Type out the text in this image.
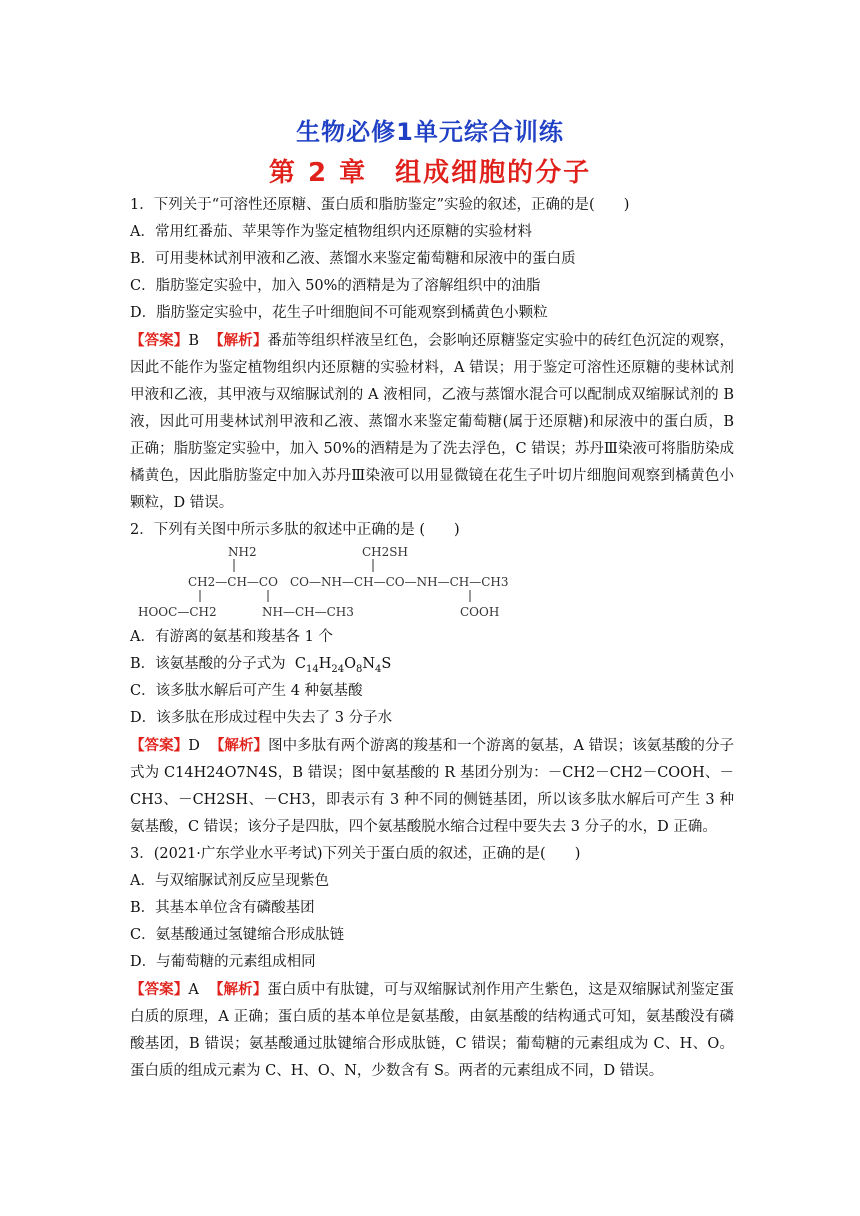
生物必修1单元综合训练
第 2 章　组成细胞的分子
1．下列关于“可溶性还原糖、蛋白质和脂肪鉴定”实验的叙述，正确的是(　　)
A．常用红番茄、苹果等作为鉴定植物组织内还原糖的实验材料
B．可用斐林试剂甲液和乙液、蒸馏水来鉴定葡萄糖和尿液中的蛋白质
C．脂肪鉴定实验中，加入 50%的酒精是为了溶解组织中的油脂
D．脂肪鉴定实验中，花生子叶细胞间不可能观察到橘黄色小颗粒
【答案】B 【解析】番茄等组织样液呈红色，会影响还原糖鉴定实验中的砖红色沉淀的观察，因此不能作为鉴定植物组织内还原糖的实验材料，A 错误；用于鉴定可溶性还原糖的斐林试剂甲液和乙液，其甲液与双缩脲试剂的 A 液相同，乙液与蒸馏水混合可以配制成双缩脲试剂的 B 液，因此可用斐林试剂甲液和乙液、蒸馏水来鉴定葡萄糖(属于还原糖)和尿液中的蛋白质，B 正确；脂肪鉴定实验中，加入 50%的酒精是为了洗去浮色，C 错误；苏丹Ⅲ染液可将脂肪染成橘黄色，因此脂肪鉴定中加入苏丹Ⅲ染液可以用显微镜在花生子叶切片细胞间观察到橘黄色小颗粒，D 错误。
2．下列有关图中所示多肽的叙述中正确的是 (　　)
NH2	CH2SH
CH2—CH—CO　CO—NH—CH—CO—NH—CH—CH3
HOOC—CH2	NH—CH—CH3	COOH
A．有游离的氨基和羧基各 1 个
B．该氨基酸的分子式为  $C_{14}H_{24}O_8N_4S$
C．该多肽水解后可产生 4 种氨基酸
D．该多肽在形成过程中失去了 3 分子水
【答案】D 【解析】图中多肽有两个游离的羧基和一个游离的氨基，A 错误；该氨基酸的分子式为 C14H24O7N4S，B 错误；图中氨基酸的 R 基团分别为：－CH2－CH2－COOH、－CH3、－CH2SH、－CH3，即表示有 3 种不同的侧链基团，所以该多肽水解后可产生 3 种氨基酸，C 错误；该分子是四肽，四个氨基酸脱水缩合过程中要失去 3 分子的水，D 正确。
3．(2021·广东学业水平考试)下列关于蛋白质的叙述，正确的是(　　)
A．与双缩脲试剂反应呈现紫色
B．其基本单位含有磷酸基团
C．氨基酸通过氢键缩合形成肽链
D．与葡萄糖的元素组成相同
【答案】A 【解析】蛋白质中有肽键，可与双缩脲试剂作用产生紫色，这是双缩脲试剂鉴定蛋白质的原理，A 正确；蛋白质的基本单位是氨基酸，由氨基酸的结构通式可知，氨基酸没有磷酸基团，B 错误；氨基酸通过肽键缩合形成肽链，C 错误；葡萄糖的元素组成为 C、H、O。蛋白质的组成元素为 C、H、O、N，少数含有 S。两者的元素组成不同，D 错误。
